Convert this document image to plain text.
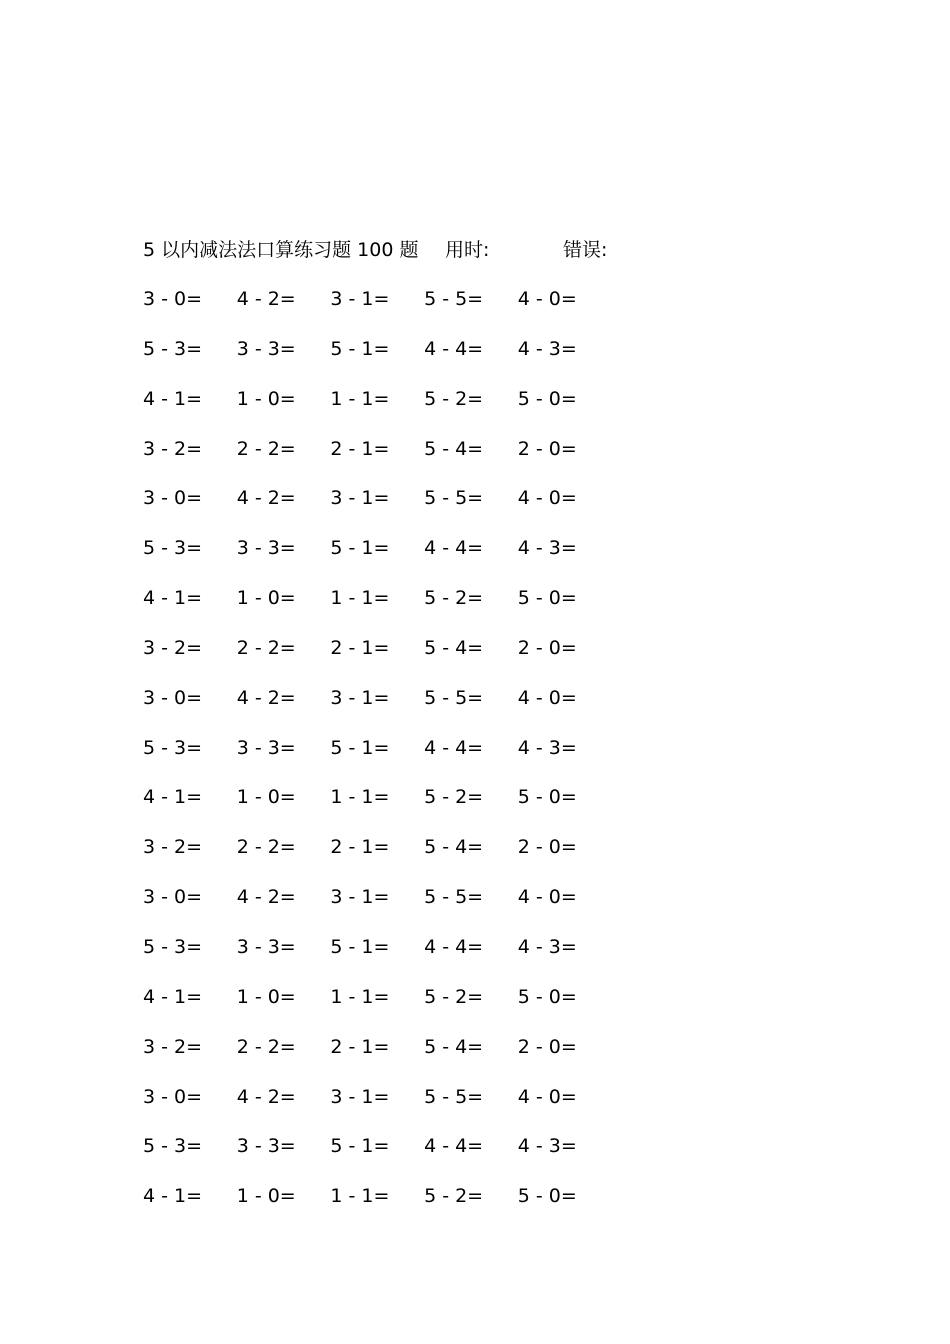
5 以内减法法口算练习题 100 题 用时:	错误:
3 - 0=	4 - 2=	3 - 1=	5 - 5=	4 - 0=
5 - 3=	3 - 3=	5 - 1=	4 - 4=	4 - 3=
4 - 1=	1 - 0=	1 - 1=	5 - 2=	5 - 0=
3 - 2=	2 - 2=	2 - 1=	5 - 4=	2 - 0=
3 - 0=	4 - 2=	3 - 1=	5 - 5=	4 - 0=
5 - 3=	3 - 3=	5 - 1=	4 - 4=	4 - 3=
4 - 1=	1 - 0=	1 - 1=	5 - 2=	5 - 0=
3 - 2=	2 - 2=	2 - 1=	5 - 4=	2 - 0=
3 - 0=	4 - 2=	3 - 1=	5 - 5=	4 - 0=
5 - 3=	3 - 3=	5 - 1=	4 - 4=	4 - 3=
4 - 1=	1 - 0=	1 - 1=	5 - 2=	5 - 0=
3 - 2=	2 - 2=	2 - 1=	5 - 4=	2 - 0=
3 - 0=	4 - 2=	3 - 1=	5 - 5=	4 - 0=
5 - 3=	3 - 3=	5 - 1=	4 - 4=	4 - 3=
4 - 1=	1 - 0=	1 - 1=	5 - 2=	5 - 0=
3 - 2=	2 - 2=	2 - 1=	5 - 4=	2 - 0=
3 - 0=	4 - 2=	3 - 1=	5 - 5=	4 - 0=
5 - 3=	3 - 3=	5 - 1=	4 - 4=	4 - 3=
4 - 1=	1 - 0=	1 - 1=	5 - 2=	5 - 0=
